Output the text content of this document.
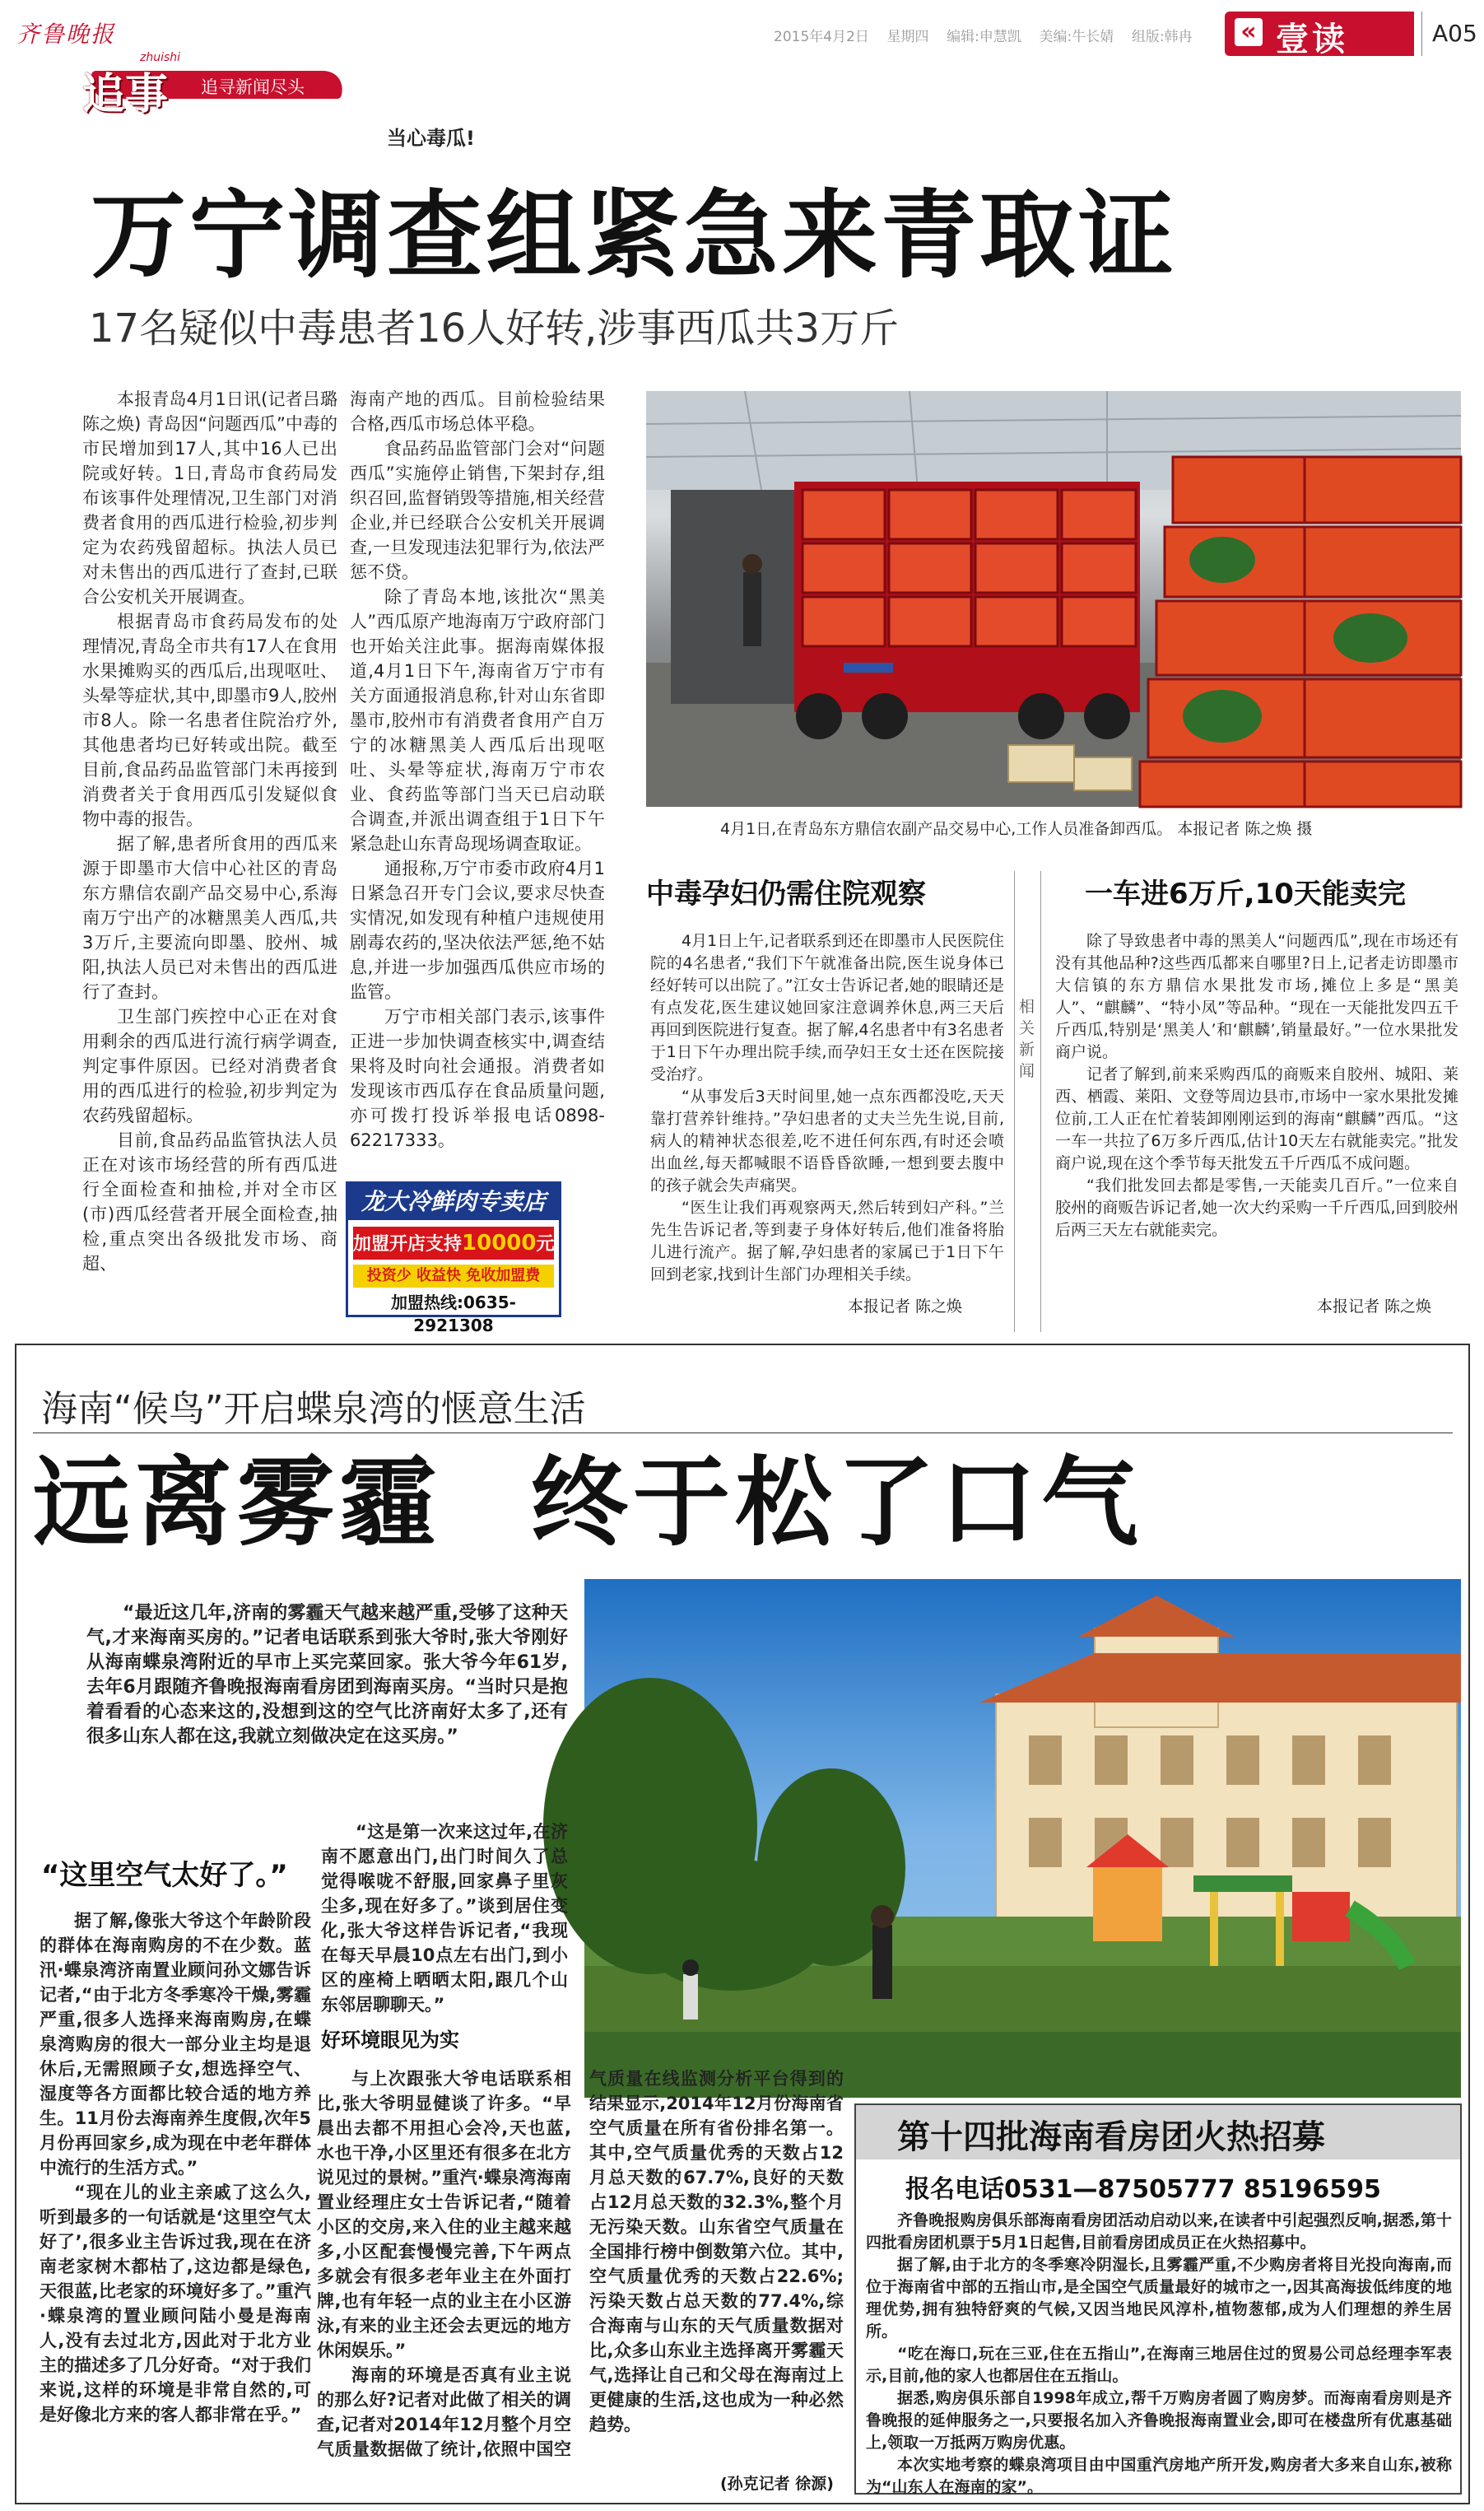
齐鲁晚报	2015年4月2日 星期四 编辑:申慧凯 美编:牛长婧 组版:韩冉 « 壹读	A05
zhuishi
追事 追寻新闻尽头
当心毒瓜!
万宁调查组紧急来青取证
17名疑似中毒患者16人好转,涉事西瓜共3万斤

本报青岛4月1日讯(记者吕璐 陈之焕) 青岛因“问题西瓜”中毒的市民增加到17人,其中16人已出院或好转。1日,青岛市食药局发布该事件处理情况,卫生部门对消费者食用的西瓜进行检验,初步判定为农药残留超标。执法人员已对未售出的西瓜进行了查封,已联合公安机关开展调查。

根据青岛市食药局发布的处理情况,青岛全市共有17人在食用水果摊购买的西瓜后,出现呕吐、头晕等症状,其中,即墨市9人,胶州市8人。除一名患者住院治疗外,其他患者均已好转或出院。截至目前,食品药品监管部门未再接到消费者关于食用西瓜引发疑似食物中毒的报告。

据了解,患者所食用的西瓜来源于即墨市大信中心社区的青岛东方鼎信农副产品交易中心,系海南万宁出产的冰糖黑美人西瓜,共3万斤,主要流向即墨、胶州、城阳,执法人员已对未售出的西瓜进行了查封。

卫生部门疾控中心正在对食用剩余的西瓜进行流行病学调查,判定事件原因。已经对消费者食用的西瓜进行的检验,初步判定为农药残留超标。

目前,食品药品监管执法人员正在对该市场经营的所有西瓜进行全面检查和抽检,并对全市区(市)西瓜经营者开展全面检查,抽检,重点突出各级批发市场、商超、

海南产地的西瓜。目前检验结果合格,西瓜市场总体平稳。

食品药品监管部门会对“问题西瓜”实施停止销售,下架封存,组织召回,监督销毁等措施,相关经营企业,并已经联合公安机关开展调查,一旦发现违法犯罪行为,依法严惩不贷。

除了青岛本地,该批次“黑美人”西瓜原产地海南万宁政府部门也开始关注此事。据海南媒体报道,4月1日下午,海南省万宁市有关方面通报消息称,针对山东省即墨市,胶州市有消费者食用产自万宁的冰糖黑美人西瓜后出现呕吐、头晕等症状,海南万宁市农业、食药监等部门当天已启动联合调查,并派出调查组于1日下午紧急赴山东青岛现场调查取证。

通报称,万宁市委市政府4月1日紧急召开专门会议,要求尽快查实情况,如发现有种植户违规使用剧毒农药的,坚决依法严惩,绝不姑息,并进一步加强西瓜供应市场的监管。

万宁市相关部门表示,该事件正进一步加快调查核实中,调查结果将及时向社会通报。消费者如发现该市西瓜存在食品质量问题,亦可拨打投诉举报电话0898-62217333。

龙大冷鲜肉专卖店
加盟开店支持10000元
投资少 收益快 免收加盟费
加盟热线:0635-2921308
4月1日,在青岛东方鼎信农副产品交易中心,工作人员准备卸西瓜。 本报记者 陈之焕 摄
中毒孕妇仍需住院观察

4月1日上午,记者联系到还在即墨市人民医院住院的4名患者,“我们下午就准备出院,医生说身体已经好转可以出院了。”江女士告诉记者,她的眼睛还是有点发花,医生建议她回家注意调养休息,两三天后再回到医院进行复查。据了解,4名患者中有3名患者于1日下午办理出院手续,而孕妇王女士还在医院接受治疗。

“从事发后3天时间里,她一点东西都没吃,天天靠打营养针维持。”孕妇患者的丈夫兰先生说,目前,病人的精神状态很差,吃不进任何东西,有时还会喷出血丝,每天都喊眼不语昏昏欲睡,一想到要去腹中的孩子就会失声痛哭。

“医生让我们再观察两天,然后转到妇产科。”兰先生告诉记者,等到妻子身体好转后,他们准备将胎儿进行流产。据了解,孕妇患者的家属已于1日下午回到老家,找到计生部门办理相关手续。

本报记者 陈之焕
相关新闻
一车进6万斤,10天能卖完

除了导致患者中毒的黑美人“问题西瓜”,现在市场还有没有其他品种?这些西瓜都来自哪里?日上,记者走访即墨市大信镇的东方鼎信水果批发市场,摊位上多是“黑美人”、“麒麟”、“特小凤”等品种。“现在一天能批发四五千斤西瓜,特别是‘黑美人’和‘麒麟’,销量最好。”一位水果批发商户说。

记者了解到,前来采购西瓜的商贩来自胶州、城阳、莱西、栖霞、莱阳、文登等周边县市,市场中一家水果批发摊位前,工人正在忙着装卸刚刚运到的海南“麒麟”西瓜。“这一车一共拉了6万多斤西瓜,估计10天左右就能卖完。”批发商户说,现在这个季节每天批发五千斤西瓜不成问题。

“我们批发回去都是零售,一天能卖几百斤。”一位来自胶州的商贩告诉记者,她一次大约采购一千斤西瓜,回到胶州后两三天左右就能卖完。

本报记者 陈之焕
海南“候鸟”开启蝶泉湾的惬意生活
远离雾霾 终于松了口气

“最近这几年,济南的雾霾天气越来越严重,受够了这种天气,才来海南买房的。”记者电话联系到张大爷时,张大爷刚好从海南蝶泉湾附近的早市上买完菜回家。张大爷今年61岁,去年6月跟随齐鲁晚报海南看房团到海南买房。“当时只是抱着看看的心态来这的,没想到这的空气比济南好太多了,还有很多山东人都在这,我就立刻做决定在这买房。”

“这里空气太好了。”

据了解,像张大爷这个年龄阶段的群体在海南购房的不在少数。蓝汛·蝶泉湾济南置业顾问孙文娜告诉记者,“由于北方冬季寒冷干燥,雾霾严重,很多人选择来海南购房,在蝶泉湾购房的很大一部分业主均是退休后,无需照顾子女,想选择空气、湿度等各方面都比较合适的地方养生。11月份去海南养生度假,次年5月份再回家乡,成为现在中老年群体中流行的生活方式。”

“现在儿的业主亲戚了这么久,听到最多的一句话就是‘这里空气太好了’,很多业主告诉过我,现在在济南老家树木都枯了,这边都是绿色,天很蓝,比老家的环境好多了。”重汽·蝶泉湾的置业顾问陆小曼是海南人,没有去过北方,因此对于北方业主的描述多了几分好奇。“对于我们来说,这样的环境是非常自然的,可是好像北方来的客人都非常在乎。”

“这是第一次来这过年,在济南不愿意出门,出门时间久了总觉得喉咙不舒服,回家鼻子里灰尘多,现在好多了。”谈到居住变化,张大爷这样告诉记者,“我现在每天早晨10点左右出门,到小区的座椅上晒晒太阳,跟几个山东邻居聊聊天。”

好环境眼见为实

与上次跟张大爷电话联系相比,张大爷明显健谈了许多。“早晨出去都不用担心会冷,天也蓝,水也干净,小区里还有很多在北方说见过的景树。”重汽·蝶泉湾海南置业经理庄女士告诉记者,“随着小区的交房,来入住的业主越来越多,小区配套慢慢完善,下午两点多就会有很多老年业主在外面打牌,也有年轻一点的业主在小区游泳,有来的业主还会去更远的地方休闲娱乐。”

海南的环境是否真有业主说的那么好?记者对此做了相关的调查,记者对2014年12月整个月空气质量数据做了统计,依照中国空气质量在线监测分析平台得到的结果显示,2014年12月份海南省空气质量在所有省份排名第一。其中,空气质量优秀的天数占12月总天数的67.7%,良好的天数占12月总天数的32.3%,整个月无污染天数。山东省空气质量在全国排行榜中倒数第六位。其中,空气质量优秀的天数占22.6%;污染天数占总天数的77.4%,综合海南与山东的天气质量数据对比,众多山东业主选择离开雾霾天气,选择让自己和父母在海南过上更健康的生活,这也成为一种必然趋势。

(孙克记者 徐源)
第十四批海南看房团火热招募
报名电话0531—87505777 85196595

齐鲁晚报购房俱乐部海南看房团活动启动以来,在读者中引起强烈反响,据悉,第十四批看房团机票于5月1日起售,目前看房团成员正在火热招募中。

据了解,由于北方的冬季寒冷阴湿长,且雾霾严重,不少购房者将目光投向海南,而位于海南省中部的五指山市,是全国空气质量最好的城市之一,因其高海拔低纬度的地理优势,拥有独特舒爽的气候,又因当地民风淳朴,植物葱郁,成为人们理想的养生居所。

“吃在海口,玩在三亚,住在五指山”,在海南三地居住过的贸易公司总经理李军表示,目前,他的家人也都居住在五指山。

据悉,购房俱乐部自1998年成立,帮千万购房者圆了购房梦。而海南看房则是齐鲁晚报的延伸服务之一,只要报名加入齐鲁晚报海南置业会,即可在楼盘所有优惠基础上,领取一万抵两万购房优惠。

本次实地考察的蝶泉湾项目由中国重汽房地产所开发,购房者大多来自山东,被称为“山东人在海南的家”。
